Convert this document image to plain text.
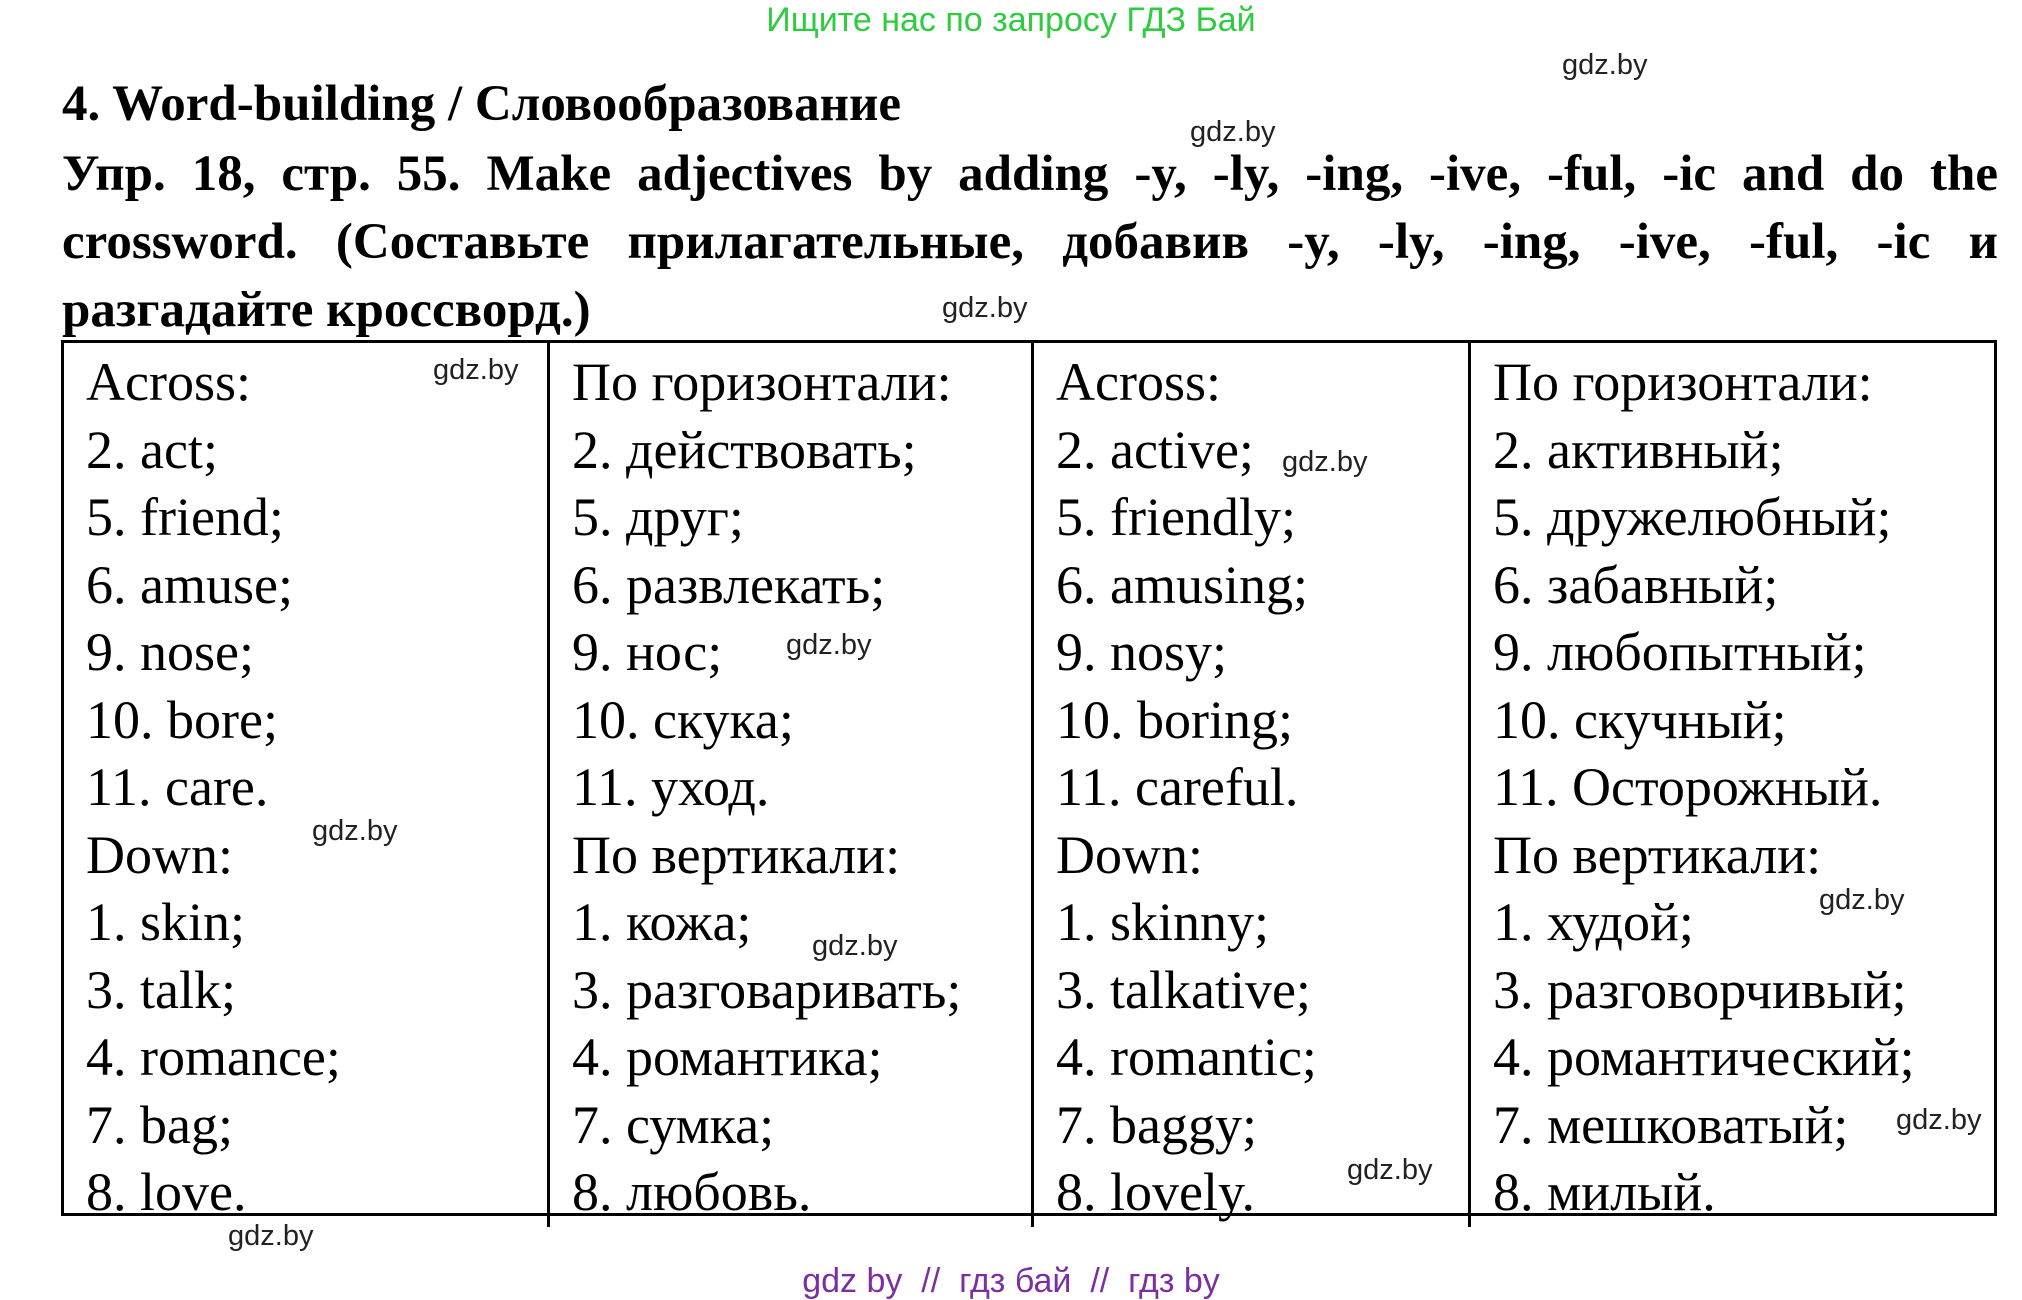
Ищите нас по запросу ГДЗ Бай
4. Word-building / Словообразование

Упр. 18, стр. 55. Make adjectives by adding -y, -ly, -ing, -ive, -ful, -ic and do the crossword. (Составьте прилагательные, добавив -y, -ly, -ing, -ive, -ful, -ic и разгадайте кроссворд.)

gdz.by
gdz.by
gdz.by
gdz.by
gdz.by
gdz.by
gdz.by
gdz.by
gdz.by
gdz.by
gdz.by
gdz.by
Across:
2. act;
5. friend;
6. amuse;
9. nose;
10. bore;
11. care.
Down:
1. skin;
3. talk;
4. romance;
7. bag;
8. love.
По горизонтали:
2. действовать;
5. друг;
6. развлекать;
9. нос;
10. скука;
11. уход.
По вертикали:
1. кожа;
3. разговаривать;
4. романтика;
7. сумка;
8. любовь.
Across:
2. active;
5. friendly;
6. amusing;
9. nosy;
10. boring;
11. careful.
Down:
1. skinny;
3. talkative;
4. romantic;
7. baggy;
8. lovely.
По горизонтали:
2. активный;
5. дружелюбный;
6. забавный;
9. любопытный;
10. скучный;
11. Осторожный.
По вертикали:
1. худой;
3. разговорчивый;
4. романтический;
7. мешковатый;
8. милый.
gdz by  //  гдз бай  //  гдз by
